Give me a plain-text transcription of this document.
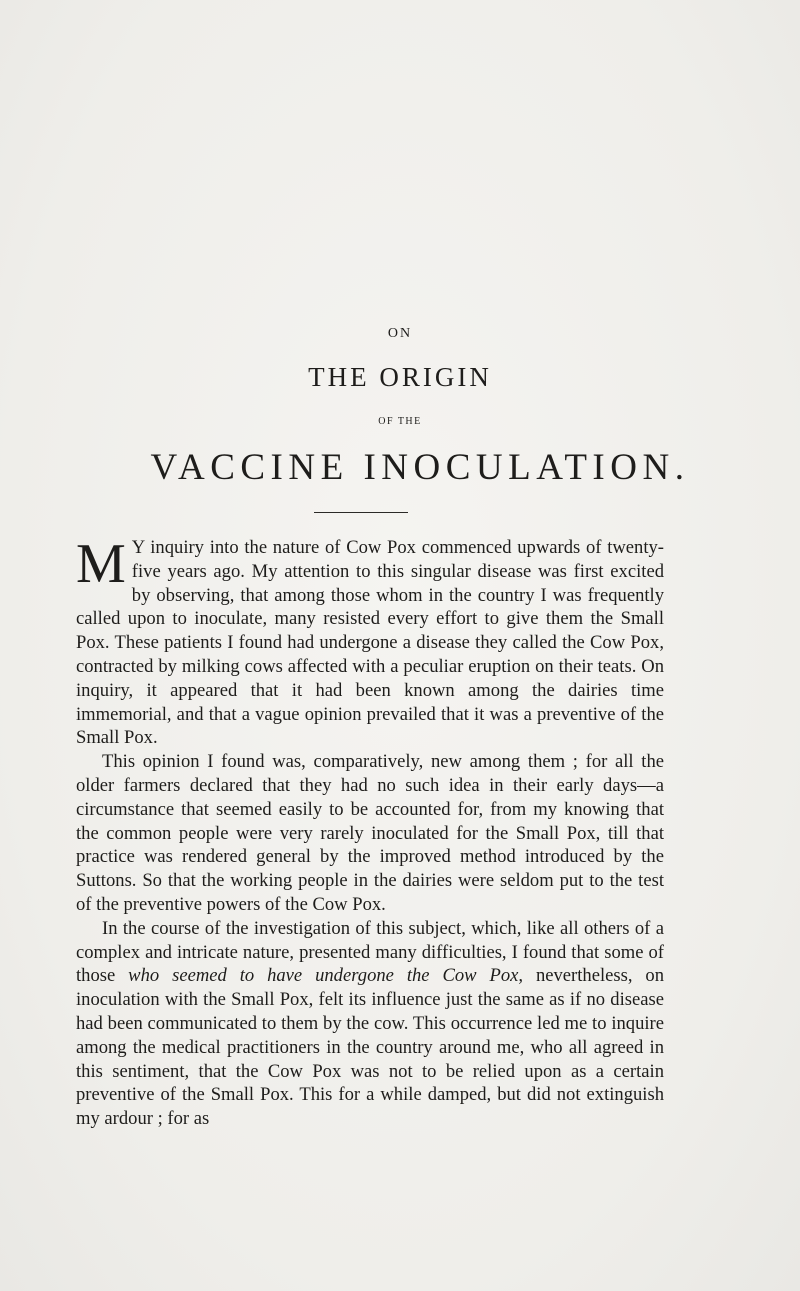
ON
THE ORIGIN
OF THE
VACCINE INOCULATION.

M Y inquiry into the nature of Cow Pox commenced upwards of twenty-five years ago. My attention to this singular disease was first excited by observing, that among those whom in the country I was frequently called upon to inoculate, many resisted every effort to give them the Small Pox. These patients I found had undergone a disease they called the Cow Pox, contracted by milking cows affected with a peculiar eruption on their teats. On inquiry, it appeared that it had been known among the dairies time immemorial, and that a vague opinion prevailed that it was a preventive of the Small Pox.

This opinion I found was, comparatively, new among them ; for all the older farmers declared that they had no such idea in their early days—a circumstance that seemed easily to be accounted for, from my knowing that the common people were very rarely inoculated for the Small Pox, till that practice was rendered general by the improved method introduced by the Suttons. So that the working people in the dairies were seldom put to the test of the preventive powers of the Cow Pox.

In the course of the investigation of this subject, which, like all others of a complex and intricate nature, presented many difficulties, I found that some of those who seemed to have undergone the Cow Pox, nevertheless, on inoculation with the Small Pox, felt its influence just the same as if no disease had been communicated to them by the cow. This occurrence led me to inquire among the medical practitioners in the country around me, who all agreed in this sentiment, that the Cow Pox was not to be relied upon as a certain preventive of the Small Pox. This for a while damped, but did not extinguish my ardour ; for as
